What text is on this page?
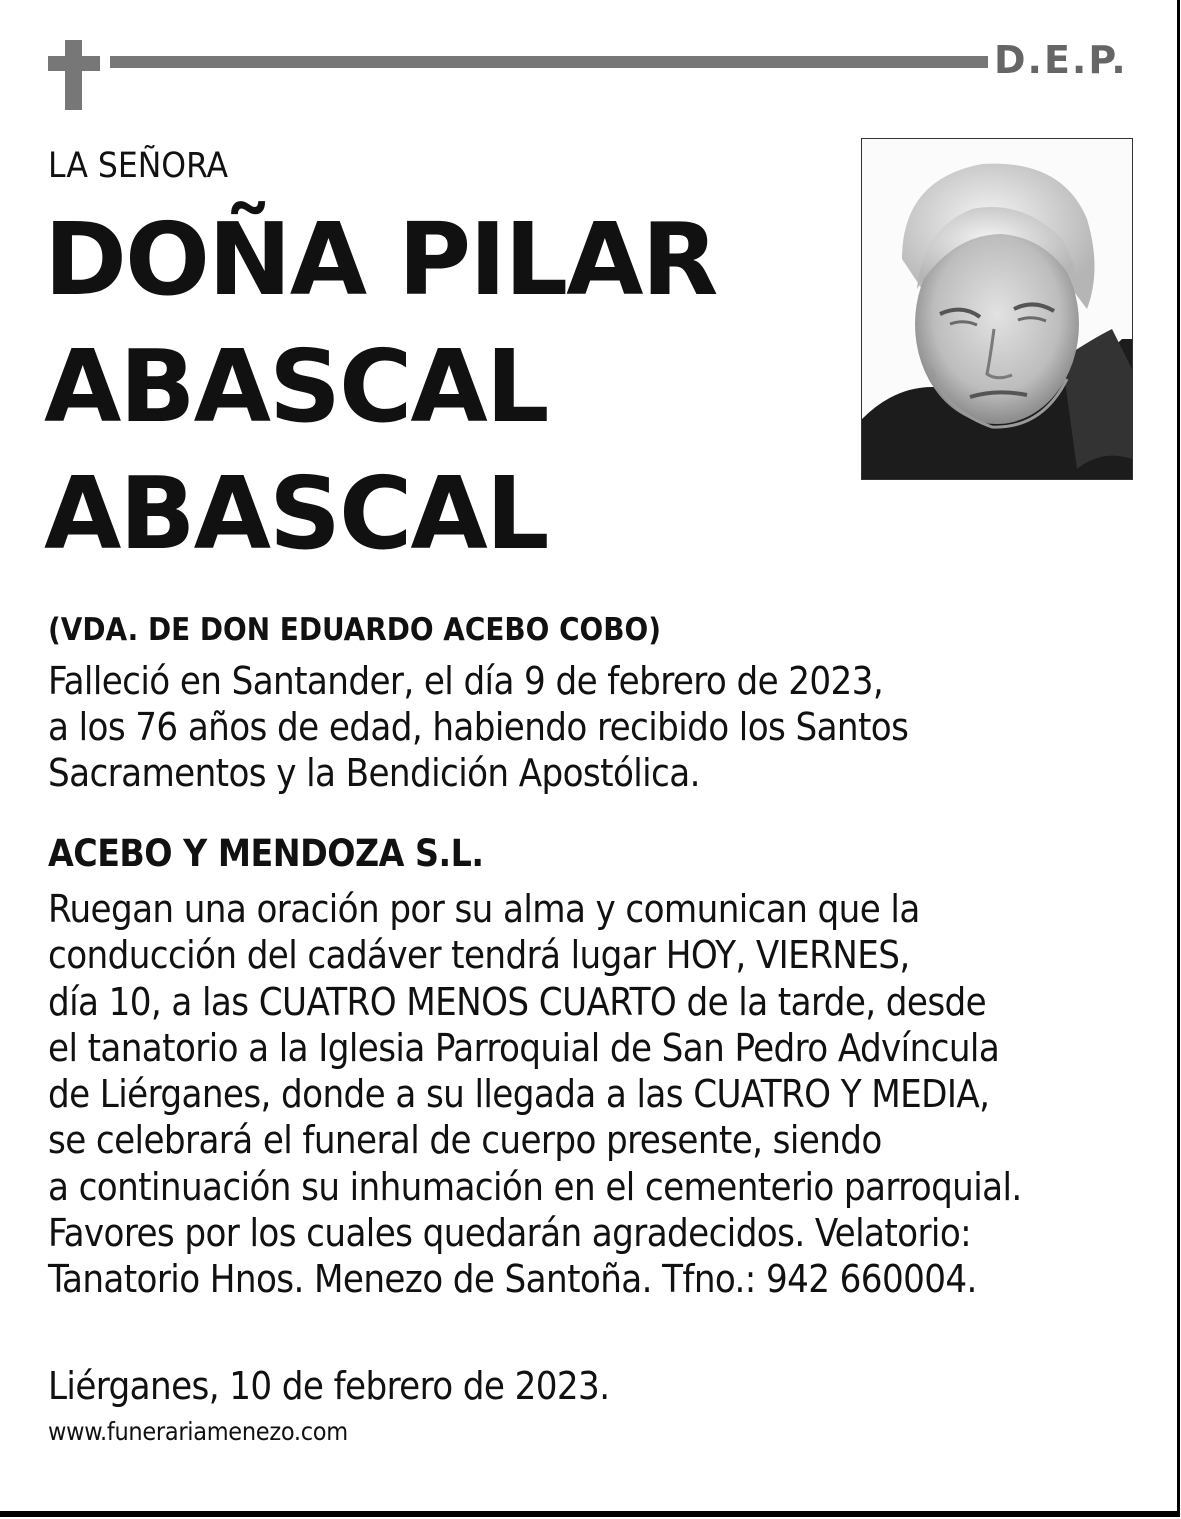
D.E.P.
LA SEÑORA
DOÑA PILAR
ABASCAL
ABASCAL
(VDA. DE DON EDUARDO ACEBO COBO)
Falleció en Santander, el día 9 de febrero de 2023,
a los 76 años de edad, habiendo recibido los Santos
Sacramentos y la Bendición Apostólica.
ACEBO Y MENDOZA S.L.
Ruegan una oración por su alma y comunican que la
conducción del cadáver tendrá lugar HOY, VIERNES,
día 10, a las CUATRO MENOS CUARTO de la tarde, desde
el tanatorio a la Iglesia Parroquial de San Pedro Advíncula
de Liérganes, donde a su llegada a las CUATRO Y MEDIA,
se celebrará el funeral de cuerpo presente, siendo
a continuación su inhumación en el cementerio parroquial.
Favores por los cuales quedarán agradecidos. Velatorio:
Tanatorio Hnos. Menezo de Santoña. Tfno.: 942 660004.
Liérganes, 10 de febrero de 2023.
www.funerariamenezo.com
